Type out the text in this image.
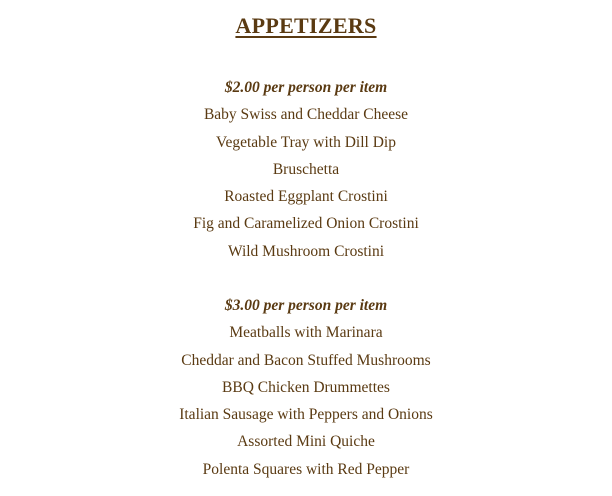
APPETIZERS
$2.00 per person per item
Baby Swiss and Cheddar Cheese
Vegetable Tray with Dill Dip
Bruschetta
Roasted Eggplant Crostini
Fig and Caramelized Onion Crostini
Wild Mushroom Crostini
$3.00 per person per item
Meatballs with Marinara
Cheddar and Bacon Stuffed Mushrooms
BBQ Chicken Drummettes
Italian Sausage with Peppers and Onions
Assorted Mini Quiche
Polenta Squares with Red Pepper
